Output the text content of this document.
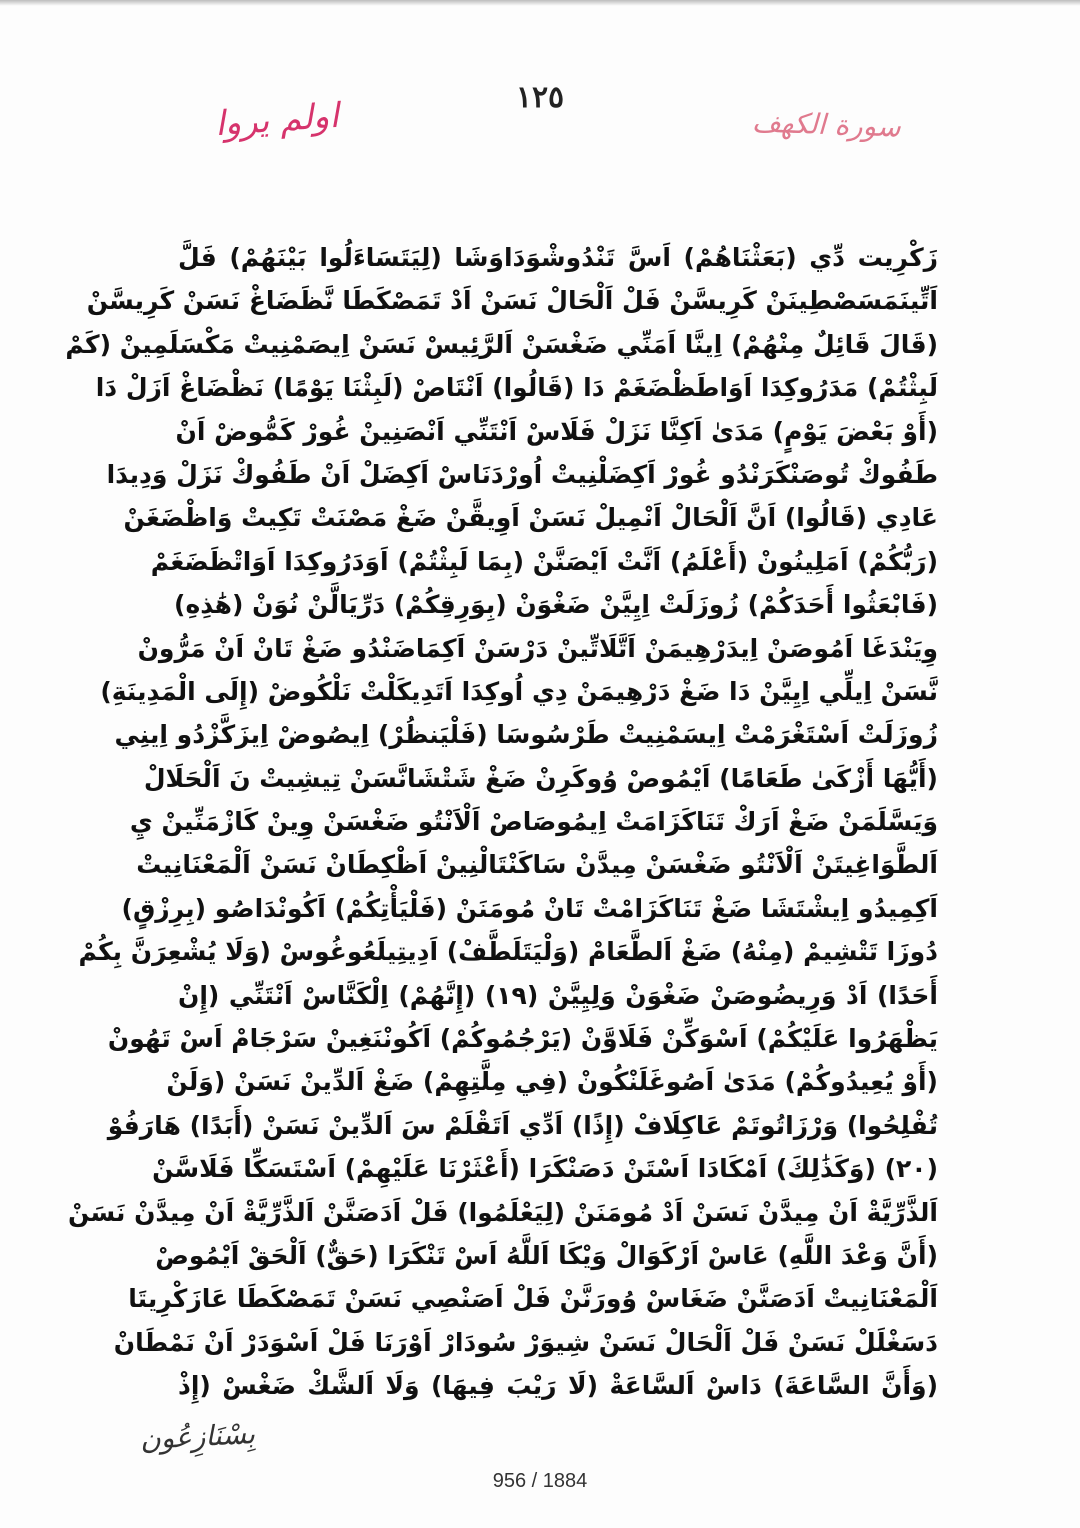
١٢٥
اولم يروا	سورة الكهف
زَكْرِيت دِّي (بَعَثْنَاهُمْ) اَسَّ تَنْدُوشْوَدَاوَشَا (لِيَتَسَاءَلُوا بَيْنَهُمْ) فَلَّ
اَتِّينَمَسَصْطِينَنْ كَرِيسَّنْ فَلْ اَلْحَالْ نَسَنْ اَدْ تَمَصْكَطَا نَّظَضَاغْ نَسَنْ كَرِيسَّنْ
(قَالَ قَائِلٌ مِنْهُمْ) اِينَّا اَمَنِّي ضَغْسَنْ اَلرَّئِيسْ نَسَنْ اِيصَمْنِيتْ مَكْسَلَمِينْ (كَمْ
لَبِثْتُمْ) مَدَرُوكِدَا اَوَاطَظْضَغَمْ دَا (قَالُوا) اَنْتَاصْ (لَبِثْنَا يَوْمًا) نَظْضَاغْ اَزَلْ دَا
(أَوْ بَعْضَ يَوْمٍ) مَدَىٰ اَكِنَّا نَزَلْ فَلَاسْ اَنْتَنِّي اَنْصَنِينْ غُورْ كَمُّوضْ اَنْ
طَفُوكْ تُوصَنْكَرَنْدُو غُورْ اَكِضَلْنِيتْ اُورْدَنَاسْ اَكِضَلْ اَنْ طَفُوكْ نَزَلْ وَدِيدَا
عَادِي (قَالُوا) اَنَّ اَلْحَالْ اَنْمِيلْ نَسَنْ اَوِيقَّنْ ضَغْ مَصْنَتْ تَكِيتْ وَاظْضَغَنْ
(رَبُّكُمْ) اَمَلِينُونْ (أَعْلَمُ) اَنَّتْ اَيْصَنَّنْ (بِمَا لَبِثْتُمْ) اَوَدَرُوكِدَا اَوَاتْظَضَغَمْ
(فَابْعَثُوا أَحَدَكُمْ) زُوزَلَتْ اِيِيَّنْ ضَغْوَنْ (بِوَرِقِكُمْ) دَرِّيَالَّنْ نُوَنْ (هَٰذِهِ)
وِيَنْدَغَا اَمُوصَنْ اِيدَرْهِيمَنْ اَتَّلَاتِّينْ دَرْسَنْ اَكِمَاضَنْدُو ضَغْ تَانْ اَنْ مَرُّونْ
نَّسَنْ اِيلِّي اِيِيَّنْ دَا ضَغْ دَرْهِيمَنْ دِي اُوكِدَا اَتَدِيكَلْتْ نَلْكُوضْ (إِلَى الْمَدِينَةِ)
زُوزَلَتْ اَسْتَغْرَمْتْ اِيسَمْنِيتْ طَرْسُوسَا (فَلْيَنظُرْ) اِيصُوضْ اِيزَكَّزْدُو اِينِي
(أَيُّهَا أَزْكَىٰ طَعَامًا) اَيْمُوصْ وُوكَرِنْ ضَغْ شَتْشَانَّسَنْ تِيشِيتْ نَ اَلْحَلَالْ
وَيَسَّلَمَنْ ضَغْ اَرَكْ تَنَاكَزَامَتْ اِيمُوصَاصْ اَلْاَنْتُو ضَغْسَنْ وِينْ كَازْمَنِّينْ يِ
اَلطَّوَاغِيتَنْ اَلْاَنْتُو ضَغْسَنْ مِيدَّنْ سَاكَنْتَالْنِينْ اَظْكِطَانْ نَسَنْ اَلْمَعْنَانِيتْ
اَكِمِيدُو اِيشْتَشَا ضَغْ تَنَاكَزَامْتْ تَانْ مُومَنَنْ (فَلْيَأْتِكُمْ) اَكُونْدَاصُو (بِرِزْقٍ)
دُوزَا تَتْشِيمْ (مِنْهُ) ضَغْ اَلطَّعَامْ (وَلْيَتَلَطَّفْ) اَدِيتِيلَعُوغُوسْ (وَلَا يُشْعِرَنَّ بِكُمْ
أَحَدًا) اَدْ وَرِيضُوصَنْ ضَغْوَنْ وَلِيِيَّنْ (١٩) (إِنَّهُمْ) اِلْكَنَّاسْ اَنْتَنِّي (إِنْ
يَظْهَرُوا عَلَيْكُمْ) اَسْوَكِّنْ فَلَاوَّنْ (يَرْجُمُوكُمْ) اَكُونْنَغِينْ سَرْجَامْ اَسْ تَهُونْ
(أَوْ يُعِيدُوكُمْ) مَدَىٰ اَصُوغَلَنْكُونْ (فِي مِلَّتِهِمْ) ضَغْ اَلدِّينْ نَسَنْ (وَلَنْ
تُفْلِحُوا) وَرْزَاتُوتَمْ عَاكِلَافْ (إِذًا) اَدِّي اَتَقْلَمْ سَ اَلدِّينْ نَسَنْ (أَبَدًا) هَارَفُوْ
(٢٠) (وَكَذَٰلِكَ) اَمْكَادَا اَسْتَنْ دَصَنْكَرَا (أَعْثَرْنَا عَلَيْهِمْ) اَسْتَسَكِّا فَلَاسَّنْ
اَلذَّرِّيَّةْ اَنْ مِيدَّنْ نَسَنْ اَدْ مُومَنَنْ (لِيَعْلَمُوا) فَلْ اَدَصَنَّنْ اَلذَّرِّيَّةْ اَنْ مِيدَّنْ نَسَنْ
(أَنَّ وَعْدَ اللَّهِ) عَاسْ اَرْكَوَالْ وَيْكَا اَللَّهُ اَسْ تَنْكَرَا (حَقٌّ) اَلْحَقْ اَيْمُوصْ
اَلْمَعْنَانِيتْ اَدَصَنَّنْ ضَغَاسْ وُورَنَّنْ فَلْ اَصَنْصِي نَسَنْ تَمَصْكَطَا عَازَكْرِيتَا
دَسَغْلَلْ نَسَنْ فَلْ اَلْحَالْ نَسَنْ شِيوَرْ سُودَارْ اَوْرَنَا فَلْ اَسْوَدَرْ اَنْ نَمْطَانْ
(وَأَنَّ السَّاعَةَ) دَاسْ اَلسَّاعَةْ (لَا رَيْبَ فِيهَا) وَلَا اَلشَّكْ ضَغْسْ (إِذْ
بِسْنَازِعُون
956 / 1884
